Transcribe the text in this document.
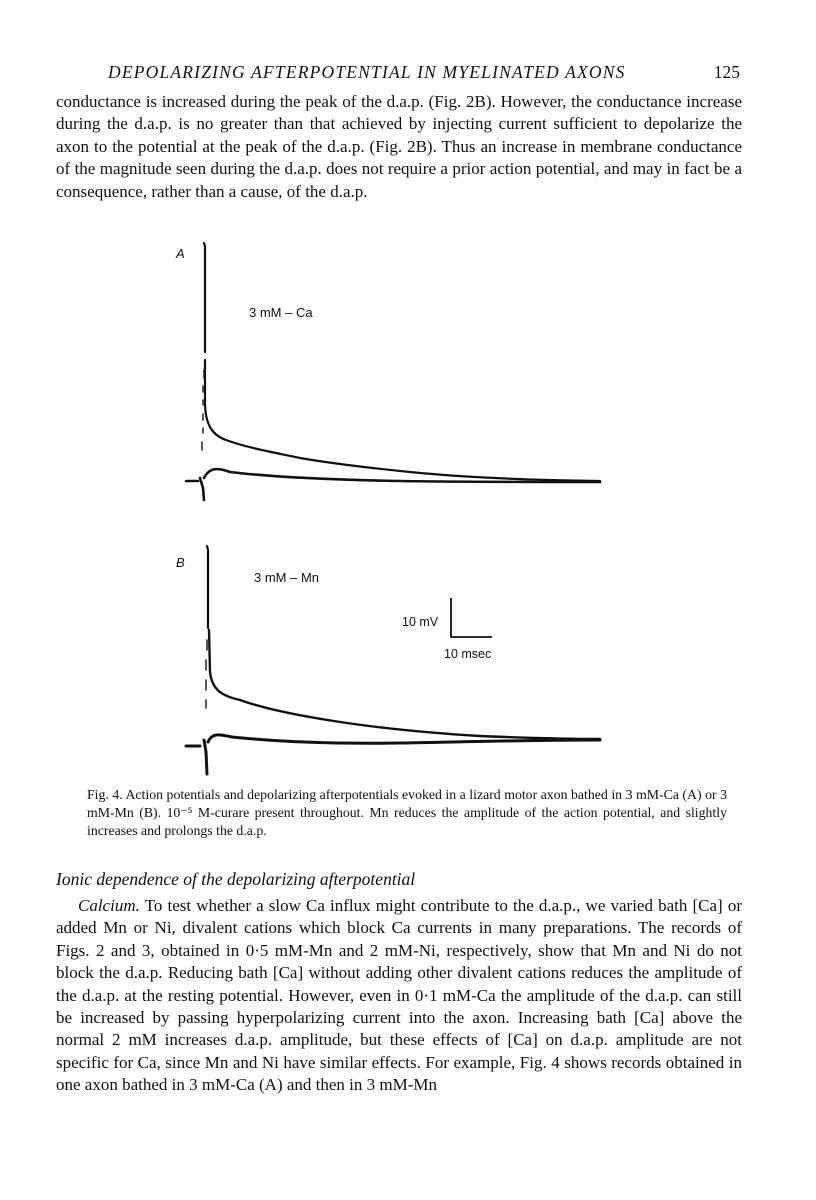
DEPOLARIZING AFTERPOTENTIAL IN MYELINATED AXONS	125

conductance is increased during the peak of the d.a.p. (Fig. 2B). However, the conductance increase during the d.a.p. is no greater than that achieved by injecting current sufficient to depolarize the axon to the potential at the peak of the d.a.p. (Fig. 2B). Thus an increase in membrane conductance of the magnitude seen during the d.a.p. does not require a prior action potential, and may in fact be a consequence, rather than a cause, of the d.a.p.

A
3 mM – Ca
B
3 mM – Mn
10 mV
10 msec

Fig. 4. Action potentials and depolarizing afterpotentials evoked in a lizard motor axon bathed in 3 mM-Ca (A) or 3 mM-Mn (B). 10⁻⁵ M-curare present throughout. Mn reduces the amplitude of the action potential, and slightly increases and prolongs the d.a.p.

Ionic dependence of the depolarizing afterpotential

Calcium. To test whether a slow Ca influx might contribute to the d.a.p., we varied bath [Ca] or added Mn or Ni, divalent cations which block Ca currents in many preparations. The records of Figs. 2 and 3, obtained in 0·5 mM-Mn and 2 mM-Ni, respectively, show that Mn and Ni do not block the d.a.p. Reducing bath [Ca] without adding other divalent cations reduces the amplitude of the d.a.p. at the resting potential. However, even in 0·1 mM-Ca the amplitude of the d.a.p. can still be increased by passing hyperpolarizing current into the axon. Increasing bath [Ca] above the normal 2 mM increases d.a.p. amplitude, but these effects of [Ca] on d.a.p. amplitude are not specific for Ca, since Mn and Ni have similar effects. For example, Fig. 4 shows records obtained in one axon bathed in 3 mM-Ca (A) and then in 3 mM-Mn
